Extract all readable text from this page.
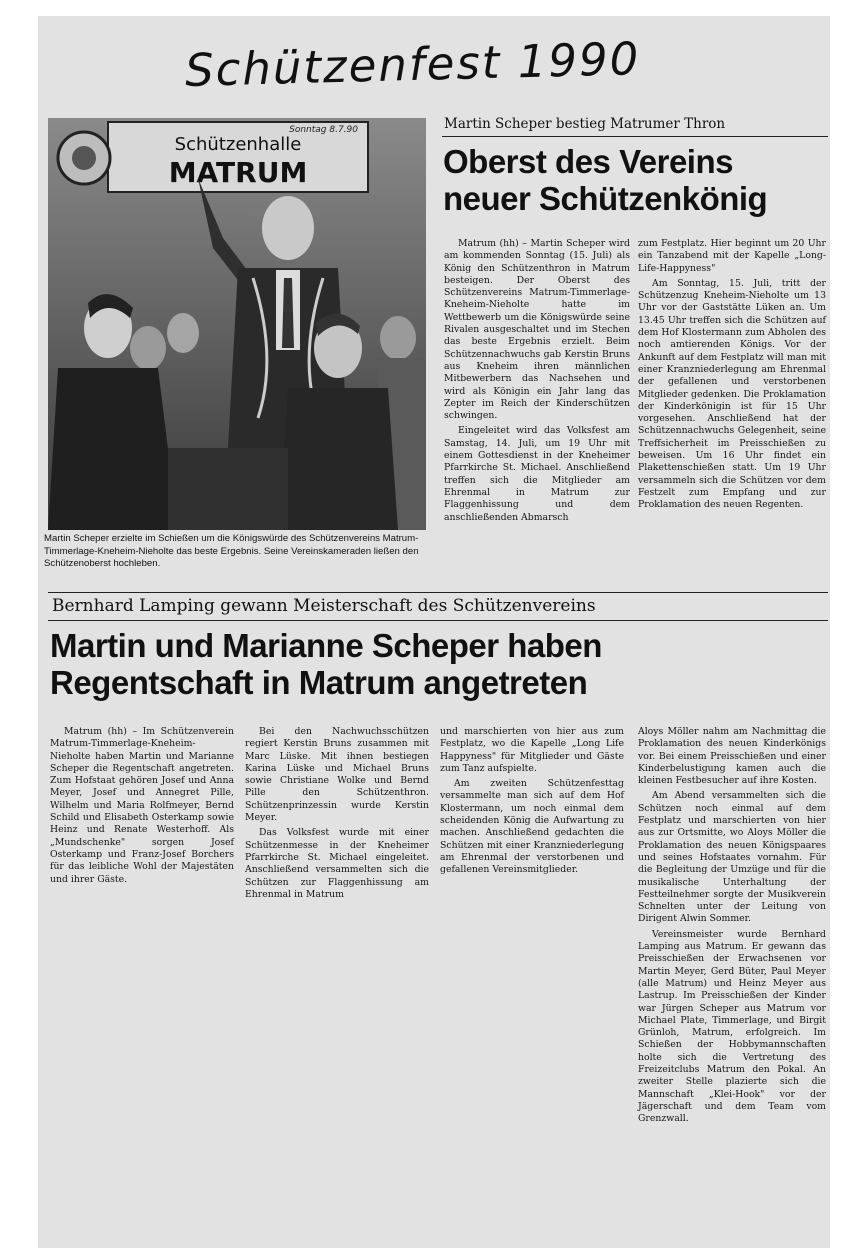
Schützenfest 1990
Schützenhalle
MATRUM
Sonntag 8.7.90
Martin Scheper erzielte im Schießen um die Königswürde des Schützenvereins Matrum-Timmerlage-Kneheim-Nieholte das beste Ergebnis. Seine Vereinskameraden ließen den Schützenoberst hochleben.
Martin Scheper bestieg Matrumer Thron
Oberst des Vereins
neuer Schützenkönig

Matrum (hh) – Martin Scheper wird am kommenden Sonntag (15. Juli) als König den Schützenthron in Matrum besteigen. Der Oberst des Schützenvereins Matrum-Timmerlage-Kneheim-Nieholte hatte im Wettbewerb um die Königswürde seine Rivalen ausgeschaltet und im Stechen das beste Ergebnis erzielt. Beim Schützennachwuchs gab Kerstin Bruns aus Kneheim ihren männlichen Mitbewerbern das Nachsehen und wird als Königin ein Jahr lang das Zepter im Reich der Kinderschützen schwingen.

Eingeleitet wird das Volksfest am Samstag, 14. Juli, um 19 Uhr mit einem Gottesdienst in der Kneheimer Pfarrkirche St. Michael. Anschließend treffen sich die Mitglieder am Ehrenmal in Matrum zur Flaggenhissung und dem anschließenden Abmarsch

zum Festplatz. Hier beginnt um 20 Uhr ein Tanzabend mit der Kapelle „Long-Life-Happyness"

Am Sonntag, 15. Juli, tritt der Schützenzug Kneheim-Nieholte um 13 Uhr vor der Gaststätte Lüken an. Um 13.45 Uhr treffen sich die Schützen auf dem Hof Klostermann zum Abholen des noch amtierenden Königs. Vor der Ankunft auf dem Festplatz will man mit einer Kranzniederlegung am Ehrenmal der gefallenen und verstorbenen Mitglieder gedenken. Die Proklamation der Kinderkönigin ist für 15 Uhr vorgesehen. Anschließend hat der Schützennachwuchs Gelegenheit, seine Treffsicherheit im Preisschießen zu beweisen. Um 16 Uhr findet ein Plakettenschießen statt. Um 19 Uhr versammeln sich die Schützen vor dem Festzelt zum Empfang und zur Proklamation des neuen Regenten.

Bernhard Lamping gewann Meisterschaft des Schützenvereins
Martin und Marianne Scheper haben
Regentschaft in Matrum angetreten

Matrum (hh) – Im Schützenverein Matrum-Timmerlage-Kneheim-Nieholte haben Martin und Marianne Scheper die Regentschaft angetreten. Zum Hofstaat gehören Josef und Anna Meyer, Josef und Annegret Pille, Wilhelm und Maria Rolfmeyer, Bernd Schild und Elisabeth Osterkamp sowie Heinz und Renate Westerhoff. Als „Mundschenke" sorgen Josef Osterkamp und Franz-Josef Borchers für das leibliche Wohl der Majestäten und ihrer Gäste.

Bei den Nachwuchsschützen regiert Kerstin Bruns zusammen mit Marc Lüske. Mit ihnen bestiegen Karina Lüske und Michael Bruns sowie Christiane Wolke und Bernd Pille den Schützenthron. Schützenprinzessin wurde Kerstin Meyer.

Das Volksfest wurde mit einer Schützenmesse in der Kneheimer Pfarrkirche St. Michael eingeleitet. Anschließend versammelten sich die Schützen zur Flaggenhissung am Ehrenmal in Matrum

und marschierten von hier aus zum Festplatz, wo die Kapelle „Long Life Happyness" für Mitglieder und Gäste zum Tanz aufspielte.

Am zweiten Schützenfesttag versammelte man sich auf dem Hof Klostermann, um noch einmal dem scheidenden König die Aufwartung zu machen. Anschließend gedachten die Schützen mit einer Kranzniederlegung am Ehrenmal der verstorbenen und gefallenen Vereinsmitglieder.

Aloys Möller nahm am Nachmittag die Proklamation des neuen Kinderkönigs vor. Bei einem Preisschießen und einer Kinderbelustigung kamen auch die kleinen Festbesucher auf ihre Kosten.

Am Abend versammelten sich die Schützen noch einmal auf dem Festplatz und marschierten von hier aus zur Ortsmitte, wo Aloys Möller die Proklamation des neuen Königspaares und seines Hofstaates vornahm. Für die Begleitung der Umzüge und für die musikalische Unterhaltung der Festteilnehmer sorgte der Musikverein Schnelten unter der Leitung von Dirigent Alwin Sommer.

Vereinsmeister wurde Bernhard Lamping aus Matrum. Er gewann das Preisschießen der Erwachsenen vor Martin Meyer, Gerd Büter, Paul Meyer (alle Matrum) und Heinz Meyer aus Lastrup. Im Preisschießen der Kinder war Jürgen Scheper aus Matrum vor Michael Plate, Timmerlage, und Birgit Grünloh, Matrum, erfolgreich. Im Schießen der Hobbymannschaften holte sich die Vertretung des Freizeitclubs Matrum den Pokal. An zweiter Stelle plazierte sich die Mannschaft „Klei-Hook" vor der Jägerschaft und dem Team vom Grenzwall.
